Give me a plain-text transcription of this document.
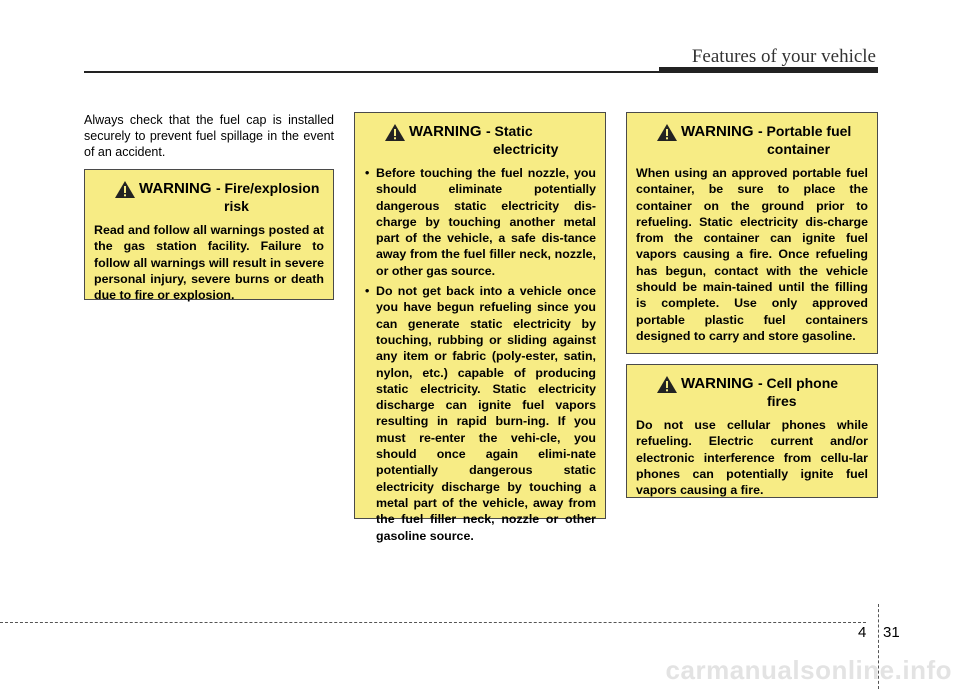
Features of your vehicle
Always check that the fuel cap is installed securely to prevent fuel spillage in the event of an accident.
WARNING - Fire/explosion
risk
Read and follow all warnings posted at the gas station facility. Failure to follow all warnings will result in severe personal injury, severe burns or death due to fire or explosion.
WARNING - Static
electricity
• Before touching the fuel nozzle, you should eliminate potentially dangerous static electricity dis-charge by touching another metal part of the vehicle, a safe dis-tance away from the fuel filler neck, nozzle, or other gas source.
• Do not get back into a vehicle once you have begun refueling since you can generate static electricity by touching, rubbing or sliding against any item or fabric (poly-ester, satin, nylon, etc.) capable of producing static electricity. Static electricity discharge can ignite fuel vapors resulting in rapid burn-ing. If you must re-enter the vehi-cle, you should once again elimi-nate potentially dangerous static electricity discharge by touching a metal part of the vehicle, away from the fuel filler neck, nozzle or other gasoline source.
WARNING - Portable fuel
container
When using an approved portable fuel container, be sure to place the container on the ground prior to refueling. Static electricity dis-charge from the container can ignite fuel vapors causing a fire. Once refueling has begun, contact with the vehicle should be main-tained until the filling is complete. Use only approved portable plastic fuel containers designed to carry and store gasoline.
WARNING - Cell phone
fires
Do not use cellular phones while refueling. Electric current and/or electronic interference from cellu-lar phones can potentially ignite fuel vapors causing a fire.
4 31
carmanualsonline.info
